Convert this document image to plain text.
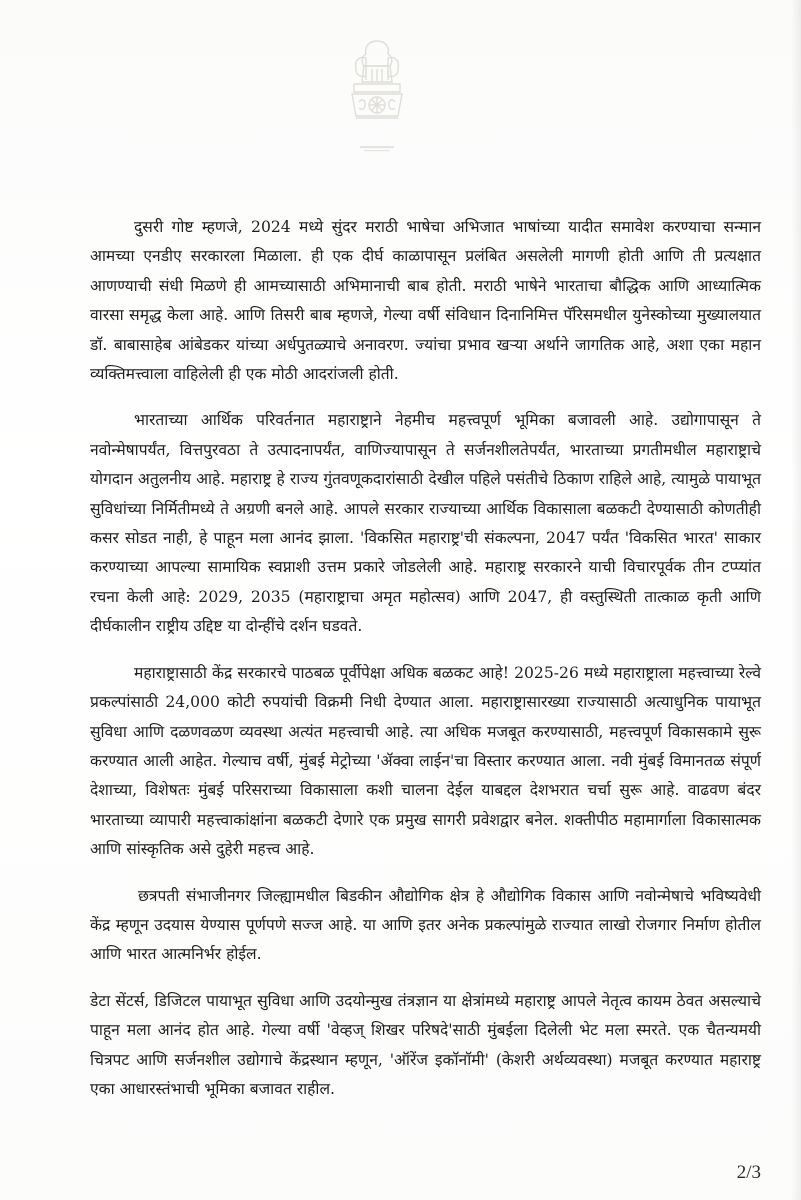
दुसरी गोष्ट म्हणजे, 2024 मध्ये सुंदर मराठी भाषेचा अभिजात भाषांच्या यादीत समावेश करण्याचा सन्मान आमच्या एनडीए सरकारला मिळाला. ही एक दीर्घ काळापासून प्रलंबित असलेली मागणी होती आणि ती प्रत्यक्षात आणण्याची संधी मिळणे ही आमच्यासाठी अभिमानाची बाब होती. मराठी भाषेने भारताचा बौद्धिक आणि आध्यात्मिक वारसा समृद्ध केला आहे. आणि तिसरी बाब म्हणजे, गेल्या वर्षी संविधान दिनानिमित्त पॅरिसमधील युनेस्कोच्या मुख्यालयात डॉ. बाबासाहेब आंबेडकर यांच्या अर्धपुतळ्याचे अनावरण. ज्यांचा प्रभाव खऱ्या अर्थाने जागतिक आहे, अशा एका महान व्यक्तिमत्त्वाला वाहिलेली ही एक मोठी आदरांजली होती.

भारताच्या आर्थिक परिवर्तनात महाराष्ट्राने नेहमीच महत्त्वपूर्ण भूमिका बजावली आहे. उद्योगापासून ते नवोन्मेषापर्यंत, वित्तपुरवठा ते उत्पादनापर्यंत, वाणिज्यापासून ते सर्जनशीलतेपर्यंत, भारताच्या प्रगतीमधील महाराष्ट्राचे योगदान अतुलनीय आहे. महाराष्ट्र हे राज्य गुंतवणूकदारांसाठी देखील पहिले पसंतीचे ठिकाण राहिले आहे, त्यामुळे पायाभूत सुविधांच्या निर्मितीमध्ये ते अग्रणी बनले आहे. आपले सरकार राज्याच्या आर्थिक विकासाला बळकटी देण्यासाठी कोणतीही कसर सोडत नाही, हे पाहून मला आनंद झाला. 'विकसित महाराष्ट्र'ची संकल्पना, 2047 पर्यंत 'विकसित भारत' साकार करण्याच्या आपल्या सामायिक स्वप्नाशी उत्तम प्रकारे जोडलेली आहे. महाराष्ट्र सरकारने याची विचारपूर्वक तीन टप्प्यांत रचना केली आहे: 2029, 2035 (महाराष्ट्राचा अमृत महोत्सव) आणि 2047, ही वस्तुस्थिती तात्काळ कृती आणि दीर्घकालीन राष्ट्रीय उद्दिष्ट या दोन्हींचे दर्शन घडवते.

महाराष्ट्रासाठी केंद्र सरकारचे पाठबळ पूर्वीपेक्षा अधिक बळकट आहे! 2025-26 मध्ये महाराष्ट्राला महत्त्वाच्या रेल्वे प्रकल्पांसाठी 24,000 कोटी रुपयांची विक्रमी निधी देण्यात आला. महाराष्ट्रासारख्या राज्यासाठी अत्याधुनिक पायाभूत सुविधा आणि दळणवळण व्यवस्था अत्यंत महत्त्वाची आहे. त्या अधिक मजबूत करण्यासाठी, महत्त्वपूर्ण विकासकामे सुरू करण्यात आली आहेत. गेल्याच वर्षी, मुंबई मेट्रोच्या 'ॲक्वा लाईन'चा विस्तार करण्यात आला. नवी मुंबई विमानतळ संपूर्ण देशाच्या, विशेषतः मुंबई परिसराच्या विकासाला कशी चालना देईल याबद्दल देशभरात चर्चा सुरू आहे. वाढवण बंदर भारताच्या व्यापारी महत्त्वाकांक्षांना बळकटी देणारे एक प्रमुख सागरी प्रवेशद्वार बनेल. शक्तीपीठ महामार्गाला विकासात्मक आणि सांस्कृतिक असे दुहेरी महत्त्व आहे.

छत्रपती संभाजीनगर जिल्ह्यामधील बिडकीन औद्योगिक क्षेत्र हे औद्योगिक विकास आणि नवोन्मेषाचे भविष्यवेधी केंद्र म्हणून उदयास येण्यास पूर्णपणे सज्ज आहे. या आणि इतर अनेक प्रकल्पांमुळे राज्यात लाखो रोजगार निर्माण होतील आणि भारत आत्मनिर्भर होईल.

डेटा सेंटर्स, डिजिटल पायाभूत सुविधा आणि उदयोन्मुख तंत्रज्ञान या क्षेत्रांमध्ये महाराष्ट्र आपले नेतृत्व कायम ठेवत असल्याचे पाहून मला आनंद होत आहे. गेल्या वर्षी 'वेव्हज् शिखर परिषदे'साठी मुंबईला दिलेली भेट मला स्मरते. एक चैतन्यमयी चित्रपट आणि सर्जनशील उद्योगाचे केंद्रस्थान म्हणून, 'ऑरेंज इकॉनॉमी' (केशरी अर्थव्यवस्था) मजबूत करण्यात महाराष्ट्र एका आधारस्तंभाची भूमिका बजावत राहील.

2/3
